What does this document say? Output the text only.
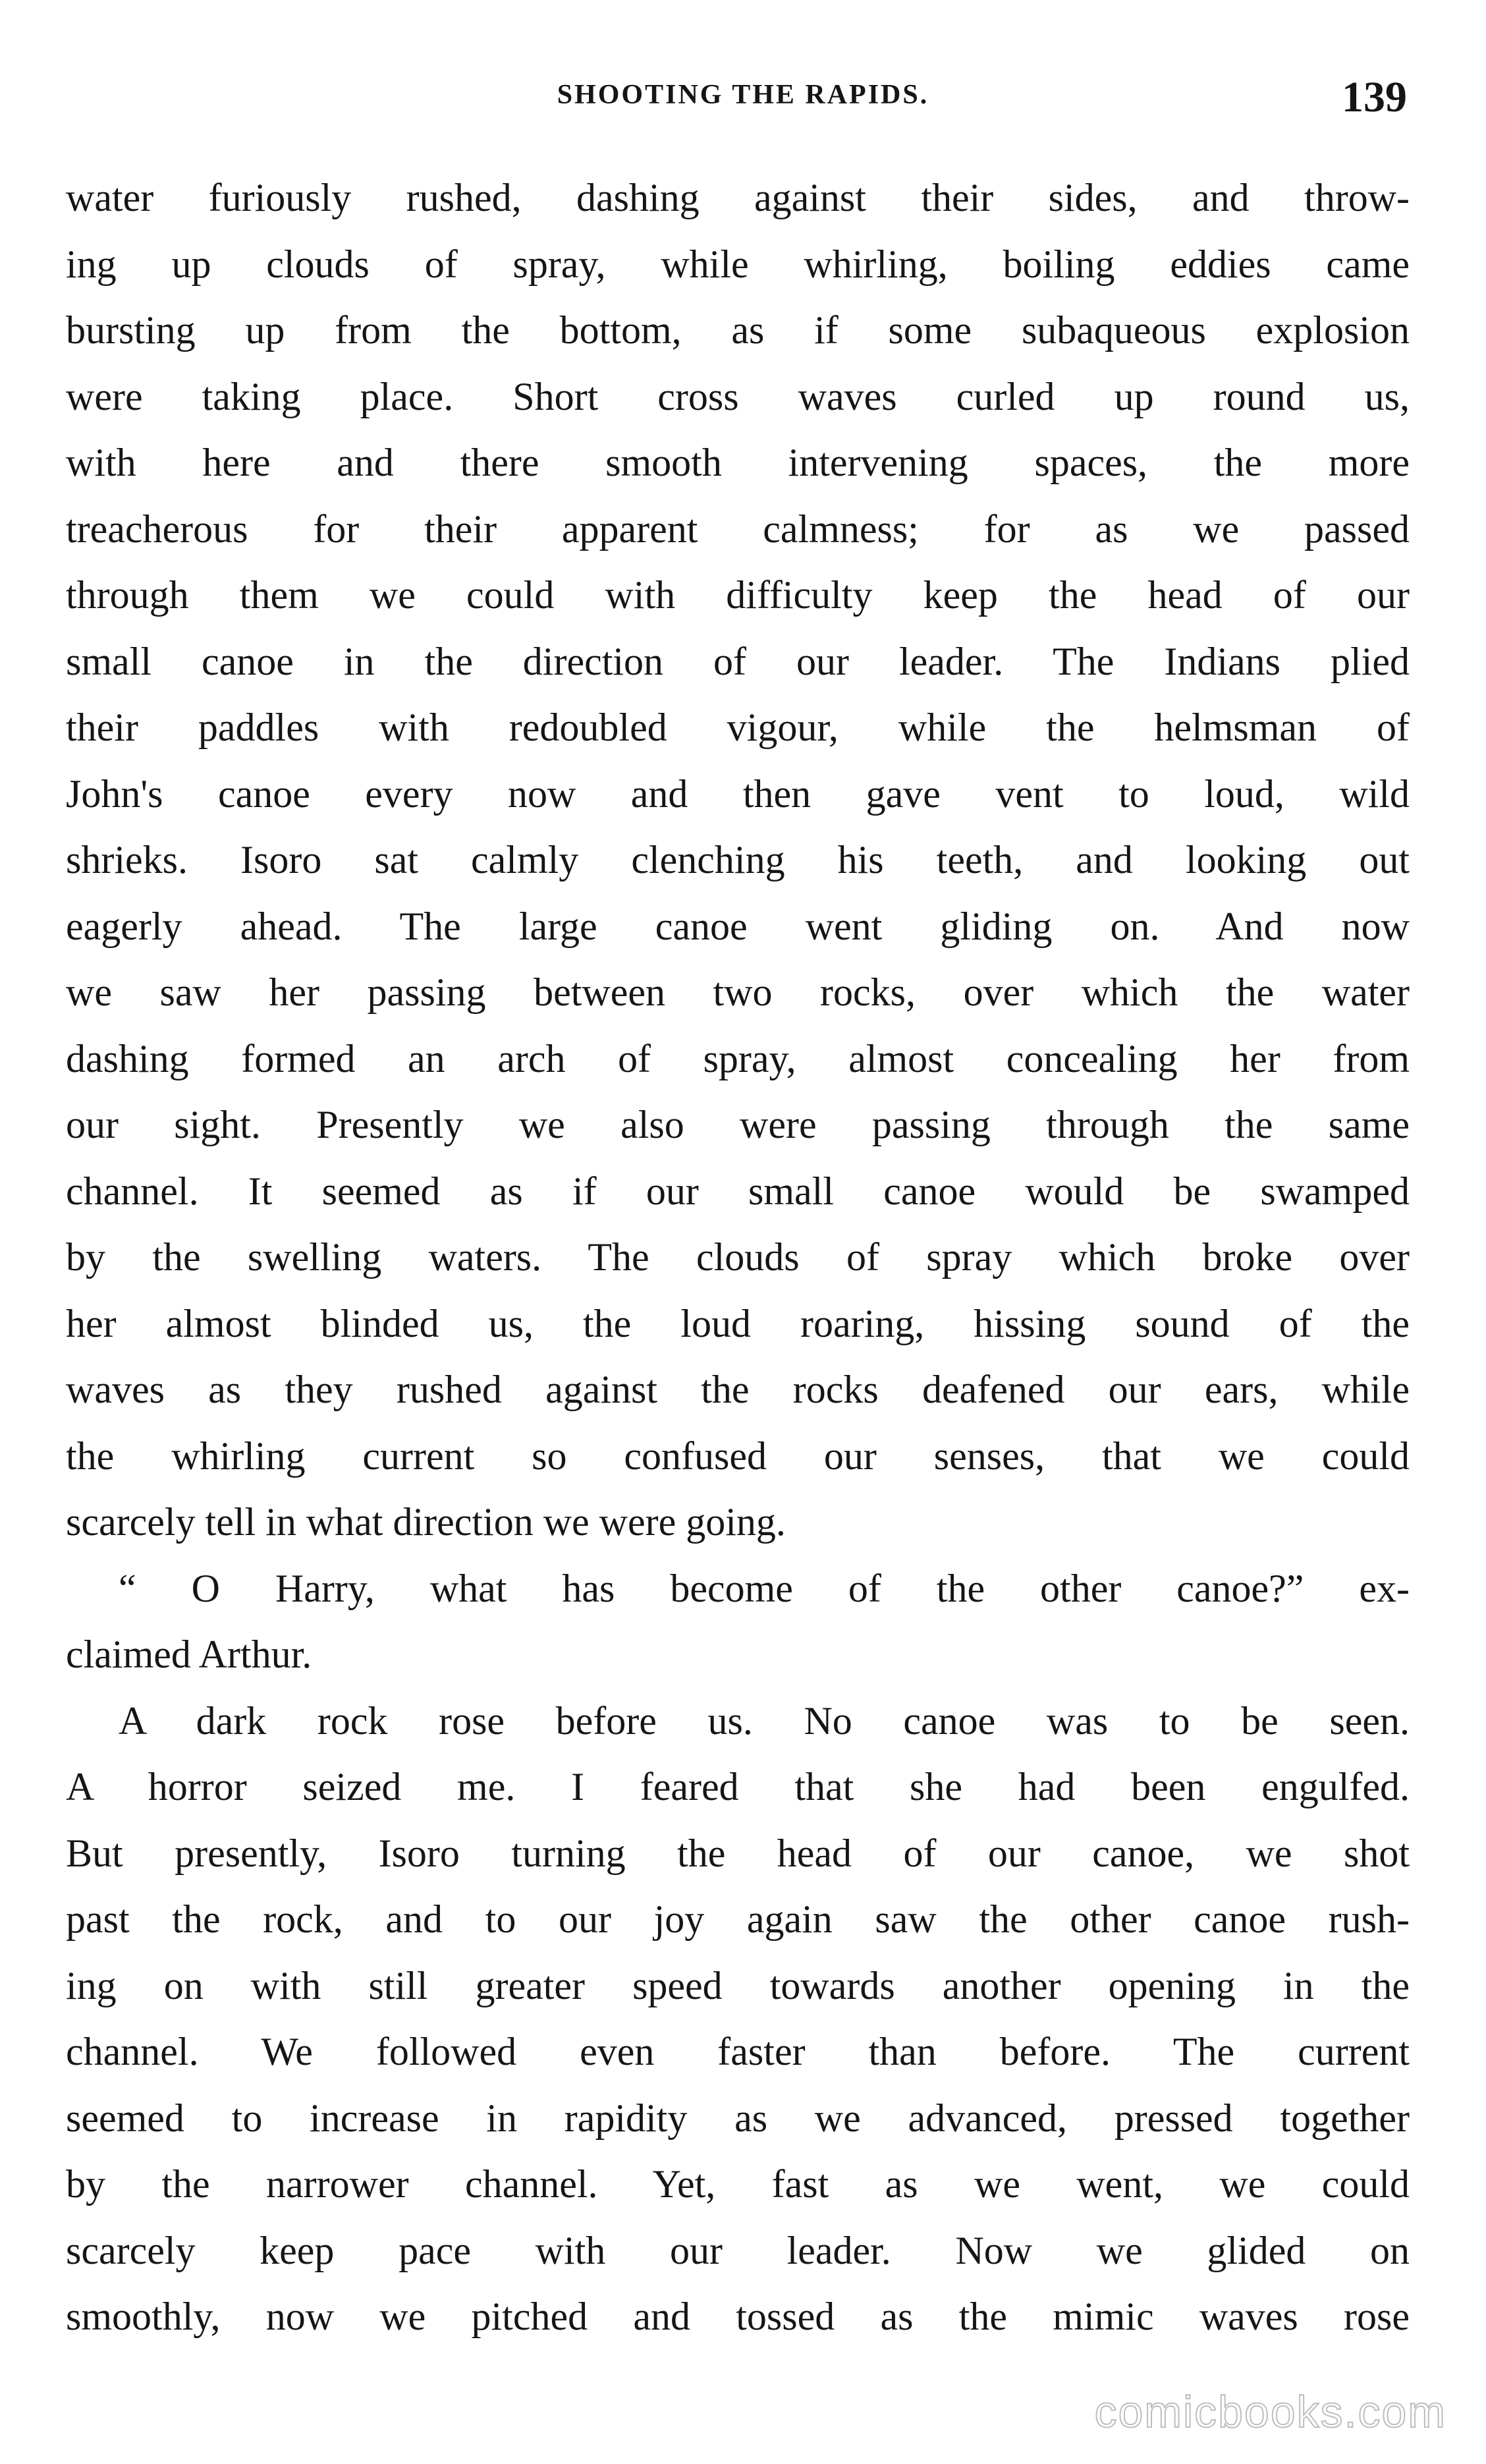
SHOOTING THE RAPIDS.	139
water furiously rushed, dashing against their sides, and throw-
ing up clouds of spray, while whirling, boiling eddies came
bursting up from the bottom, as if some subaqueous explosion
were taking place. Short cross waves curled up round us,
with here and there smooth intervening spaces, the more
treacherous for their apparent calmness; for as we passed
through them we could with difficulty keep the head of our
small canoe in the direction of our leader. The Indians plied
their paddles with redoubled vigour, while the helmsman of
John's canoe every now and then gave vent to loud, wild
shrieks. Isoro sat calmly clenching his teeth, and looking out
eagerly ahead. The large canoe went gliding on. And now
we saw her passing between two rocks, over which the water
dashing formed an arch of spray, almost concealing her from
our sight. Presently we also were passing through the same
channel. It seemed as if our small canoe would be swamped
by the swelling waters. The clouds of spray which broke over
her almost blinded us, the loud roaring, hissing sound of the
waves as they rushed against the rocks deafened our ears, while
the whirling current so confused our senses, that we could
scarcely tell in what direction we were going.
“ O Harry, what has become of the other canoe?” ex-
claimed Arthur.
A dark rock rose before us. No canoe was to be seen.
A horror seized me. I feared that she had been engulfed.
But presently, Isoro turning the head of our canoe, we shot
past the rock, and to our joy again saw the other canoe rush-
ing on with still greater speed towards another opening in the
channel. We followed even faster than before. The current
seemed to increase in rapidity as we advanced, pressed together
by the narrower channel. Yet, fast as we went, we could
scarcely keep pace with our leader. Now we glided on
smoothly, now we pitched and tossed as the mimic waves rose
comicbooks.com
